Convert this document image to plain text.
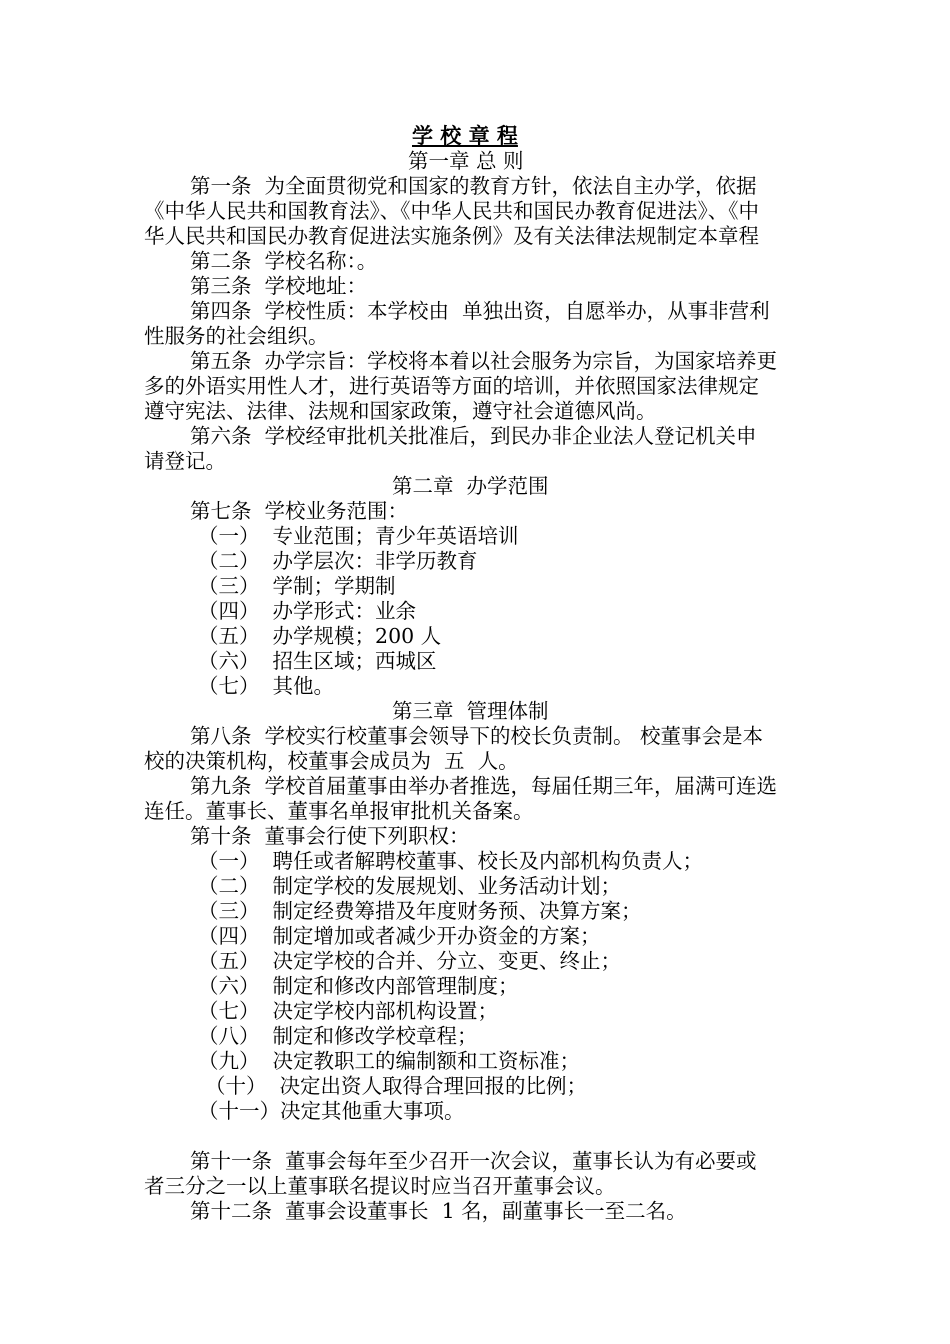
学 校 章 程
第一章 总 则
第一条  为全面贯彻党和国家的教育方针，依法自主办学，依据
《中华人民共和国教育法》、《中华人民共和国民办教育促进法》、《中
华人民共和国民办教育促进法实施条例》及有关法律法规制定本章程
第二条  学校名称：。
第三条  学校地址：
第四条  学校性质：本学校由  单独出资，自愿举办，从事非营利
性服务的社会组织。
第五条  办学宗旨：学校将本着以社会服务为宗旨，为国家培养更
多的外语实用性人才，进行英语等方面的培训，并依照国家法律规定
遵守宪法、法律、法规和国家政策，遵守社会道德风尚。
第六条  学校经审批机关批准后，到民办非企业法人登记机关申
请登记。
第二章  办学范围
第七条  学校业务范围：
（一）  专业范围；青少年英语培训
（二）  办学层次：非学历教育
（三）  学制；学期制
（四）  办学形式：业余
（五）  办学规模；200 人
（六）  招生区域；西城区
（七）  其他。
第三章  管理体制
第八条  学校实行校董事会领导下的校长负责制。 校董事会是本
校的决策机构，校董事会成员为  五  人。
第九条  学校首届董事由举办者推选，每届任期三年，届满可连选
连任。董事长、董事名单报审批机关备案。
第十条  董事会行使下列职权：
（一）  聘任或者解聘校董事、校长及内部机构负责人；
（二）  制定学校的发展规划、业务活动计划；
（三）  制定经费筹措及年度财务预、决算方案；
（四）  制定增加或者减少开办资金的方案；
（五）  决定学校的合并、分立、变更、终止；
（六）  制定和修改内部管理制度；
（七）  决定学校内部机构设置；
（八）  制定和修改学校章程；
（九）  决定教职工的编制额和工资标准；
（十）  决定出资人取得合理回报的比例；
（十一）决定其他重大事项。
第十一条  董事会每年至少召开一次会议，董事长认为有必要或
者三分之一以上董事联名提议时应当召开董事会议。
第十二条  董事会设董事长  1 名，副董事长一至二名。
